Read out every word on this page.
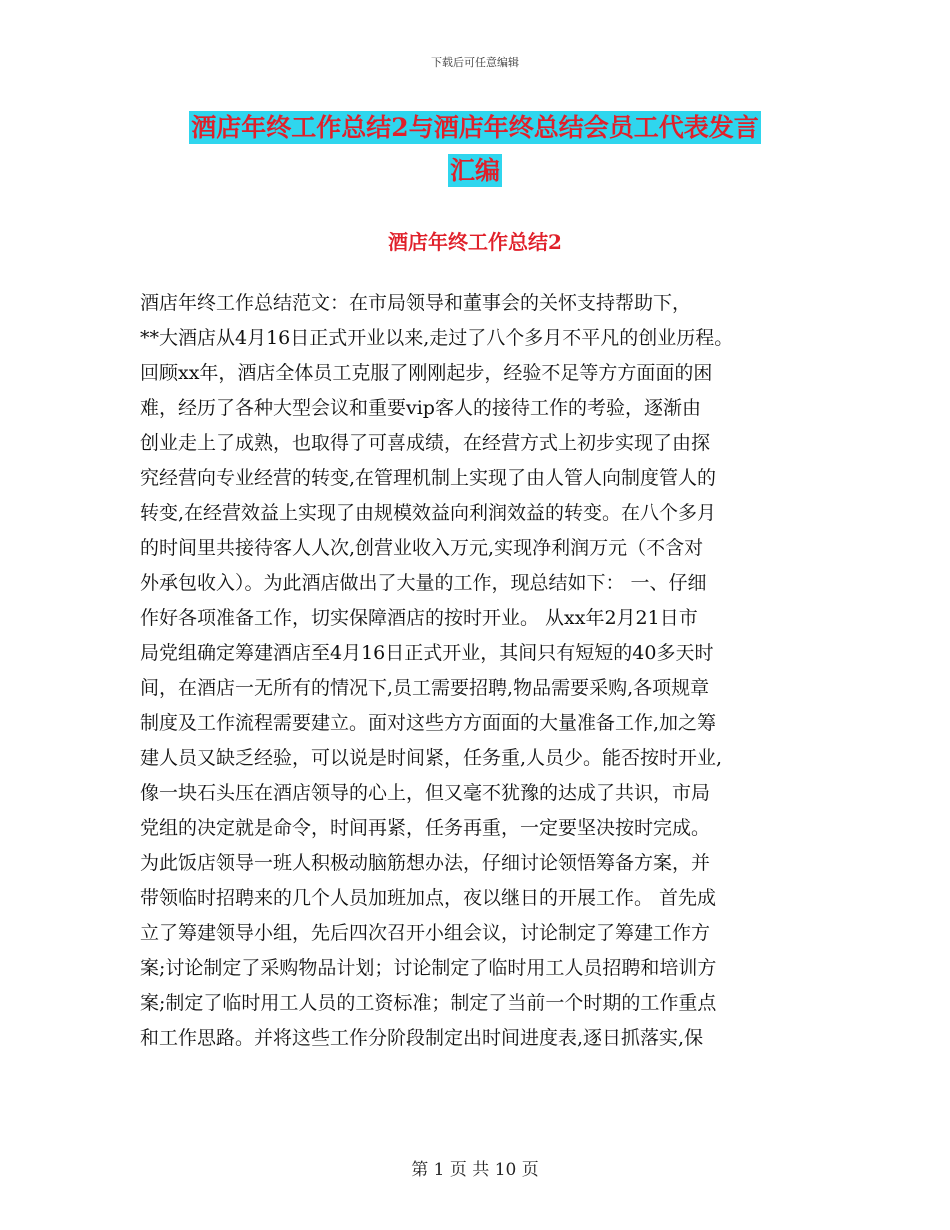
下载后可任意编辑
酒店年终工作总结2与酒店年终总结会员工代表发言
汇编
酒店年终工作总结2
酒店年终工作总结范文：在市局领导和董事会的关怀支持帮助下，
**大酒店从4月16日正式开业以来,走过了八个多月不平凡的创业历程。
回顾xx年，酒店全体员工克服了刚刚起步，经验不足等方方面面的困
难，经历了各种大型会议和重要vip客人的接待工作的考验，逐渐由
创业走上了成熟，也取得了可喜成绩，在经营方式上初步实现了由探
究经营向专业经营的转变,在管理机制上实现了由人管人向制度管人的
转变,在经营效益上实现了由规模效益向利润效益的转变。在八个多月
的时间里共接待客人人次,创营业收入万元,实现净利润万元（不含对
外承包收入）。为此酒店做出了大量的工作，现总结如下： 一、仔细
作好各项准备工作，切实保障酒店的按时开业。 从xx年2月21日市
局党组确定筹建酒店至4月16日正式开业，其间只有短短的40多天时
间，在酒店一无所有的情况下,员工需要招聘,物品需要采购,各项规章
制度及工作流程需要建立。面对这些方方面面的大量准备工作,加之筹
建人员又缺乏经验，可以说是时间紧，任务重,人员少。能否按时开业,
像一块石头压在酒店领导的心上，但又毫不犹豫的达成了共识，市局
党组的决定就是命令，时间再紧，任务再重，一定要坚决按时完成。
为此饭店领导一班人积极动脑筋想办法，仔细讨论领悟筹备方案，并
带领临时招聘来的几个人员加班加点，夜以继日的开展工作。 首先成
立了筹建领导小组，先后四次召开小组会议，讨论制定了筹建工作方
案;讨论制定了采购物品计划；讨论制定了临时用工人员招聘和培训方
案;制定了临时用工人员的工资标准；制定了当前一个时期的工作重点
和工作思路。并将这些工作分阶段制定出时间进度表,逐日抓落实,保
第 1 页 共 10 页
